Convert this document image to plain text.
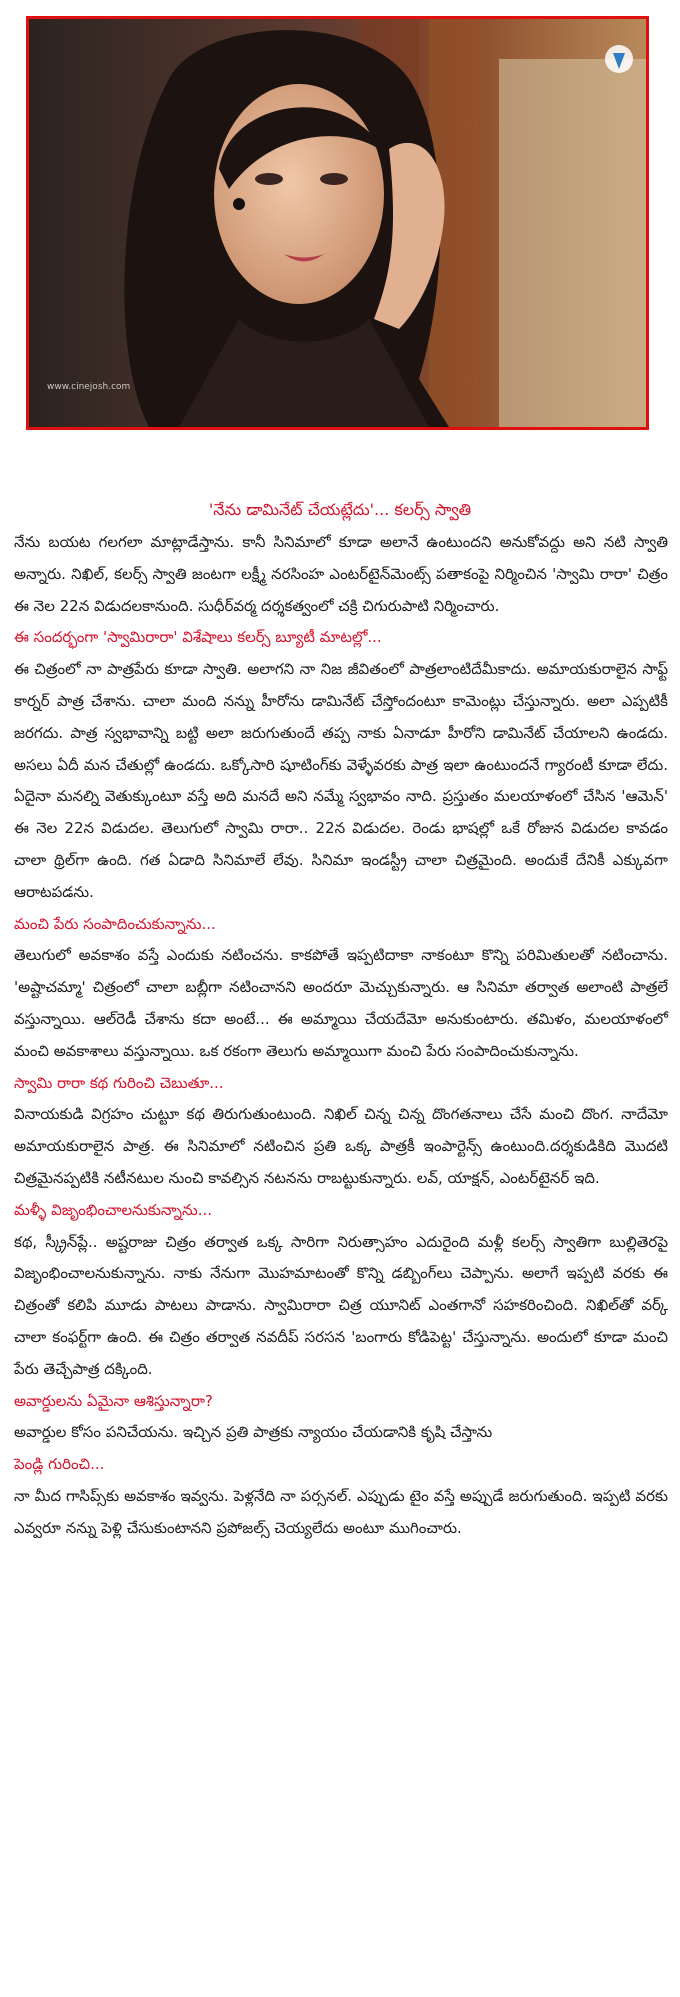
www.cinejosh.com
'నేను డామినేట్ చేయట్లేదు'... కలర్స్ స్వాతి

నేను బయట గలగలా మాట్లాడేస్తాను. కానీ సినిమాలో కూడా అలానే ఉంటుందని అనుకోవద్దు అని నటి స్వాతి అన్నారు. నిఖిల్, కలర్స్ స్వాతి జంటగా లక్ష్మీ నరసింహ ఎంటర్‌టైన్‌మెంట్స్ పతాకంపై నిర్మించిన 'స్వామి రారా' చిత్రం ఈ నెల 22న విడుదలకానుంది. సుధీర్‌వర్మ దర్శకత్వంలో చక్రి చిగురుపాటి నిర్మించారు.

ఈ సందర్భంగా 'స్వామిరారా' విశేషాలు కలర్స్ బ్యూటీ మాటల్లో...

ఈ చిత్రంలో నా పాత్రపేరు కూడా స్వాతి. అలాగని నా నిజ జీవితంలో పాత్రలాంటిదేమీకాదు. అమాయకురాలైన సాఫ్ట్ కార్నర్ పాత్ర చేశాను. చాలా మంది నన్ను హీరోను డామినేట్ చేస్తోందంటూ కామెంట్లు చేస్తున్నారు. అలా ఎప్పటికీ జరగదు. పాత్ర స్వభావాన్ని బట్టి అలా జరుగుతుందే తప్ప నాకు ఏనాడూ హీరోని డామినేట్ చేయాలని ఉండదు. అసలు ఏదీ మన చేతుల్లో ఉండదు. ఒక్కోసారి షూటింగ్‌కు వెళ్ళేవరకు పాత్ర ఇలా ఉంటుందనే గ్యారంటీ కూడా లేదు. ఏదైనా మనల్ని వెతుక్కుంటూ వస్తే అది మనదే అని నమ్మే స్వభావం నాది. ప్రస్తుతం మలయాళంలో చేసిన 'ఆమెన్' ఈ నెల 22న విడుదల. తెలుగులో స్వామి రారా.. 22న విడుదల. రెండు భాషల్లో ఒకే రోజున విడుదల కావడం చాలా థ్రిల్‌గా ఉంది. గత ఏడాది సినిమాలే లేవు. సినిమా ఇండస్ట్రీ చాలా చిత్రమైంది. అందుకే దేనికీ ఎక్కువగా ఆరాటపడను.

మంచి పేరు సంపాదించుకున్నాను...

తెలుగులో అవకాశం వస్తే ఎందుకు నటించను. కాకపోతే ఇప్పటిదాకా నాకంటూ కొన్ని పరిమితులతో నటించాను. 'అష్టాచమ్మా' చిత్రంలో చాలా బబ్లీగా నటించానని అందరూ మెచ్చుకున్నారు. ఆ సినిమా తర్వాత అలాంటి పాత్రలే వస్తున్నాయి. ఆల్‌రెడీ చేశాను కదా అంటే... ఈ అమ్మాయి చేయదేమో అనుకుంటారు. తమిళం, మలయాళంలో మంచి అవకాశాలు వస్తున్నాయి. ఒక రకంగా తెలుగు అమ్మాయిగా మంచి పేరు సంపాదించుకున్నాను.

స్వామి రారా కథ గురించి చెబుతూ...

వినాయకుడి విగ్రహం చుట్టూ కథ తిరుగుతుంటుంది. నిఖిల్ చిన్న చిన్న దొంగతనాలు చేసే మంచి దొంగ. నాదేమో అమాయకురాలైన పాత్ర. ఈ సినిమాలో నటించిన ప్రతి ఒక్క పాత్రకీ ఇంపార్టెన్స్ ఉంటుంది.దర్శకుడికిది మొదటి చిత్రమైనప్పటికి నటీనటుల నుంచి కావల్సిన నటనను రాబట్టుకున్నారు. లవ్, యాక్షన్, ఎంటర్‌టైనర్ ఇది.

మళ్ళీ విజృంభించాలనుకున్నాను...

కథ, స్క్రీన్‌ప్లే.. అష్టరాజు చిత్రం తర్వాత ఒక్క సారిగా నిరుత్సాహం ఎదురైంది మళ్లీ కలర్స్ స్వాతిగా బుల్లితెరపై విజృంభించాలనుకున్నాను. నాకు నేనుగా మొహమాటంతో కొన్ని డబ్బింగ్‌లు చెప్పాను. అలాగే ఇప్పటి వరకు ఈ చిత్రంతో కలిపి మూడు పాటలు పాడాను. స్వామిరారా చిత్ర యూనిట్ ఎంతగానో సహకరించింది. నిఖిల్‌తో వర్క్ చాలా కంఫర్ట్‌గా ఉంది. ఈ చిత్రం తర్వాత నవదీప్ సరసన 'బంగారు కోడిపెట్ట' చేస్తున్నాను. అందులో కూడా మంచి పేరు తెచ్చేపాత్ర దక్కింది.

అవార్డులను ఏమైనా ఆశిస్తున్నారా?

అవార్డుల కోసం పనిచేయను. ఇచ్చిన ప్రతి పాత్రకు న్యాయం చేయడానికి కృషి చేస్తాను

పెండ్లి గురించి...

నా మీద గాసిప్స్‌కు అవకాశం ఇవ్వను. పెళ్లనేది నా పర్సనల్. ఎప్పుడు టైం వస్తే అప్పుడే జరుగుతుంది. ఇప్పటి వరకు ఎవ్వరూ నన్ను పెళ్లి చేసుకుంటానని ప్రపోజల్స్ చెయ్యలేదు అంటూ ముగించారు.
